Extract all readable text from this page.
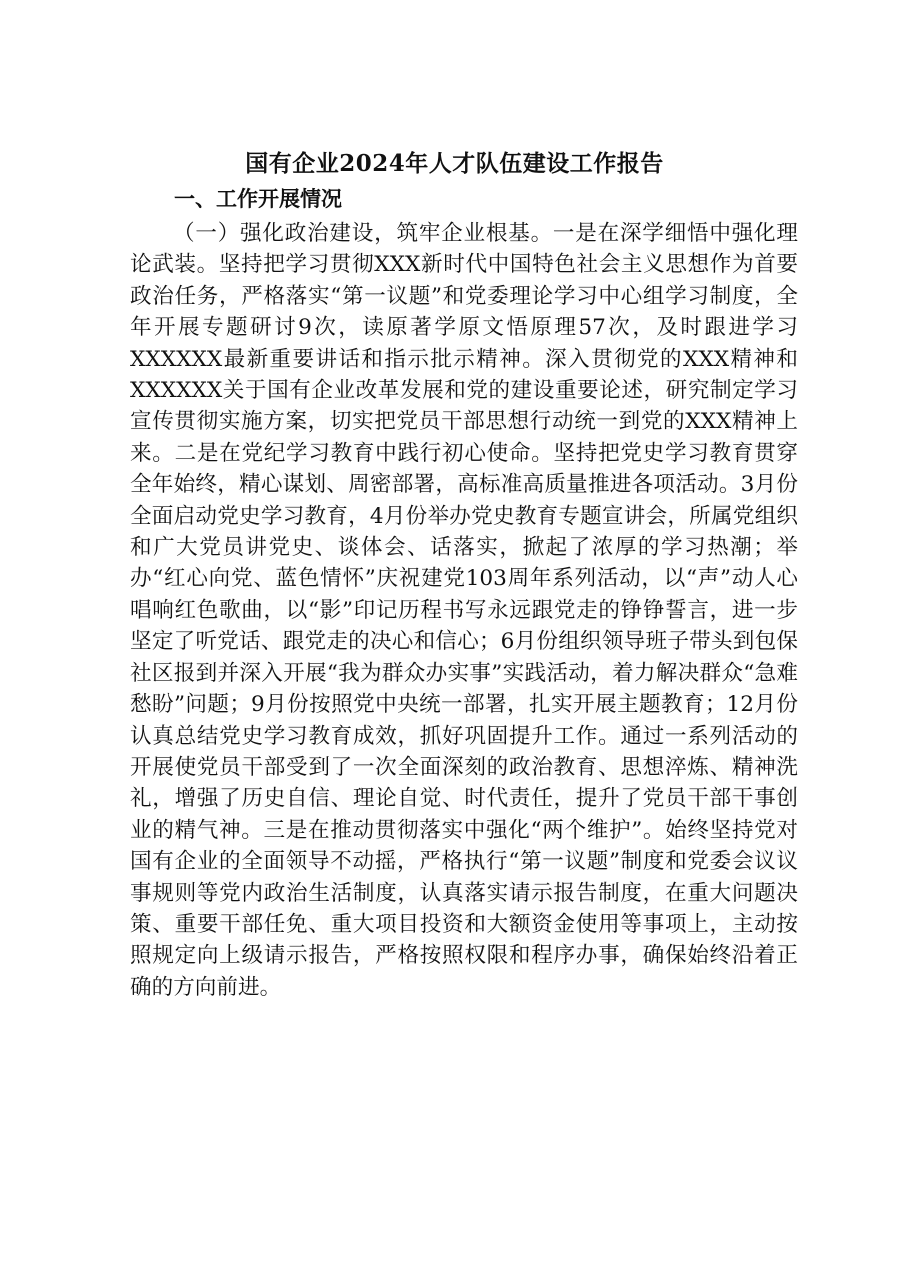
国有企业2024年人才队伍建设工作报告
一、工作开展情况

（一）强化政治建设，筑牢企业根基。一是在深学细悟中强化理论武装。坚持把学习贯彻XXX新时代中国特色社会主义思想作为首要政治任务，严格落实“第一议题”和党委理论学习中心组学习制度，全年开展专题研讨9次，读原著学原文悟原理57次，及时跟进学习XXXXXX最新重要讲话和指示批示精神。深入贯彻党的XXX精神和XXXXXX关于国有企业改革发展和党的建设重要论述，研究制定学习宣传贯彻实施方案，切实把党员干部思想行动统一到党的XXX精神上来。二是在党纪学习教育中践行初心使命。坚持把党史学习教育贯穿全年始终，精心谋划、周密部署，高标准高质量推进各项活动。3月份全面启动党史学习教育，4月份举办党史教育专题宣讲会，所属党组织和广大党员讲党史、谈体会、话落实，掀起了浓厚的学习热潮；举办“红心向党、蓝色情怀”庆祝建党103周年系列活动，以“声”动人心唱响红色歌曲，以“影”印记历程书写永远跟党走的铮铮誓言，进一步坚定了听党话、跟党走的决心和信心；6月份组织领导班子带头到包保社区报到并深入开展“我为群众办实事”实践活动，着力解决群众“急难愁盼”问题；9月份按照党中央统一部署，扎实开展主题教育；12月份认真总结党史学习教育成效，抓好巩固提升工作。通过一系列活动的开展使党员干部受到了一次全面深刻的政治教育、思想淬炼、精神洗礼，增强了历史自信、理论自觉、时代责任，提升了党员干部干事创业的精气神。三是在推动贯彻落实中强化“两个维护”。始终坚持党对国有企业的全面领导不动摇，严格执行“第一议题”制度和党委会议议事规则等党内政治生活制度，认真落实请示报告制度，在重大问题决策、重要干部任免、重大项目投资和大额资金使用等事项上，主动按照规定向上级请示报告，严格按照权限和程序办事，确保始终沿着正确的方向前进。
